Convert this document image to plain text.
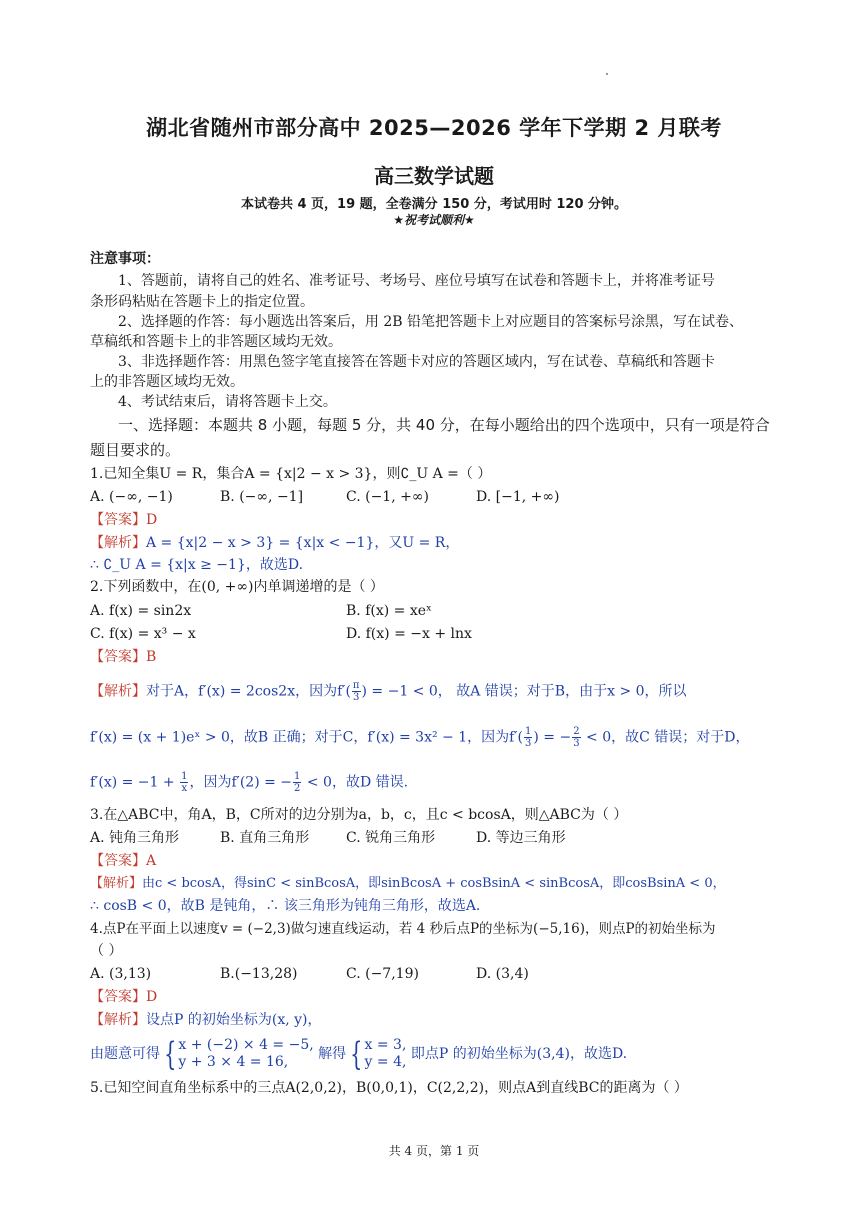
湖北省随州市部分高中 2025—2026 学年下学期 2 月联考
高三数学试题
本试卷共 4 页，19 题，全卷满分 150 分，考试用时 120 分钟。
★祝考试顺利★
注意事项：
1、答题前，请将自己的姓名、准考证号、考场号、座位号填写在试卷和答题卡上，并将准考证号
条形码粘贴在答题卡上的指定位置。
2、选择题的作答：每小题选出答案后，用 2B 铅笔把答题卡上对应题目的答案标号涂黑，写在试卷、
草稿纸和答题卡上的非答题区域均无效。
3、非选择题作答：用黑色签字笔直接答在答题卡对应的答题区域内，写在试卷、草稿纸和答题卡
上的非答题区域均无效。
4、考试结束后，请将答题卡上交。
一、选择题：本题共 8 小题，每题 5 分，共 40 分，在每小题给出的四个选项中，只有一项是符合
题目要求的。
1.已知全集U = R，集合A = {x|2 − x > 3}，则∁_U A =（ ）
A. (−∞, −1)	B. (−∞, −1]	C. (−1, +∞)	D. [−1, +∞)
【答案】D
【解析】A = {x|2 − x > 3} = {x|x < −1}，又U = R，
∴ ∁_U A = {x|x ≥ −1}，故选D.
2.下列函数中，在(0, +∞)内单调递增的是（ ）
A. f(x) = sin2x	B. f(x) = xeˣ
C. f(x) = x³ − x	D. f(x) = −x + lnx
【答案】B
【解析】对于A，f′(x) = 2cos2x，因为$f'( \frac{\pi}{3}$ ) = −1 < 0， 故A 错误；对于B，由于x > 0，所以
f′(x) = (x + 1)eˣ > 0，故B 正确；对于C，f′(x) = 3x² − 1，因为$f'( \frac{1}{3}$ ) = − $\frac{2}{3} < 0$，故C 错误；对于D，
$f'(x) = -1 + \frac{1}{x}$ ，因为f′(2) = − $\frac{1}{2} < 0$，故D 错误.
3.在△ABC中，角A，B，C所对的边分别为a，b，c，且c < bcosA，则△ABC为（ ）
A. 钝角三角形	B. 直角三角形	C. 锐角三角形	D. 等边三角形
【答案】A
【解析】由c < bcosA，得sinC < sinBcosA，即sinBcosA + cosBsinA < sinBcosA，即cosBsinA < 0，
∴ cosB < 0，故B 是钝角，∴ 该三角形为钝角三角形，故选A.
4.点P在平面上以速度v = (−2,3)做匀速直线运动，若 4 秒后点P的坐标为(−5,16)，则点P的初始坐标为
（ ）
A. (3,13)	B.(−13,28)	C. (−7,19)	D. (3,4)
【答案】D
【解析】设点P 的初始坐标为(x, y)，
由题意可得 { x + (−2) × 4 = −5,
y + 3 × 4 = 16,	解得 { x = 3,
y = 4, 即点P 的初始坐标为(3,4)，故选D.
5.已知空间直角坐标系中的三点A(2,0,2)，B(0,0,1)，C(2,2,2)，则点A到直线BC的距离为（ ）
共 4 页，第 1 页
